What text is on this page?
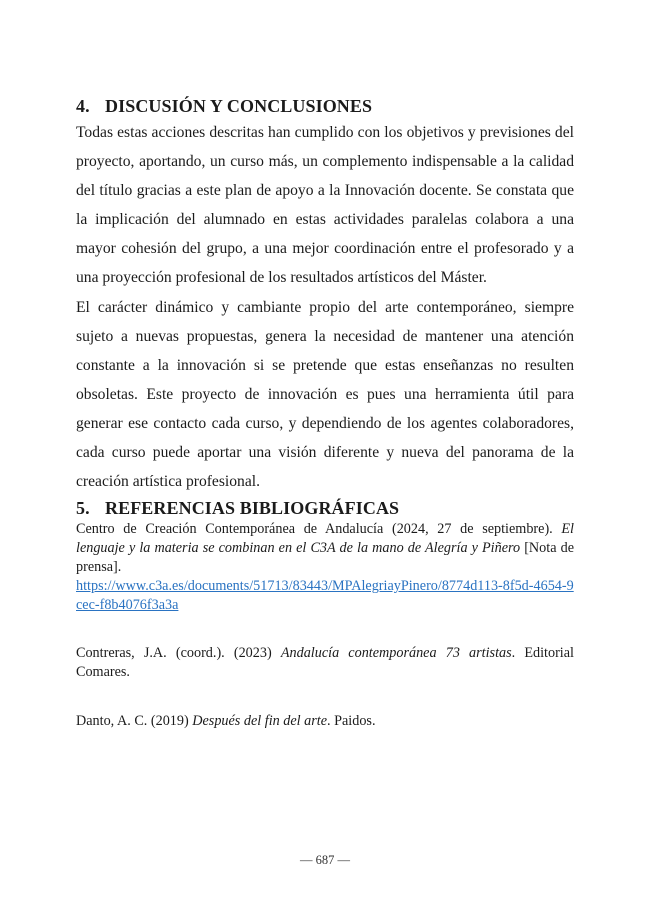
4. DISCUSIÓN Y CONCLUSIONES

Todas estas acciones descritas han cumplido con los objetivos y previsiones del proyecto, aportando, un curso más, un complemento indispensable a la calidad del título gracias a este plan de apoyo a la Innovación docente. Se constata que la implicación del alumnado en estas actividades paralelas colabora a una mayor cohesión del grupo, a una mejor coordinación entre el profesorado y a una proyección profesional de los resultados artísticos del Máster.

El carácter dinámico y cambiante propio del arte contemporáneo, siempre sujeto a nuevas propuestas, genera la necesidad de mantener una atención constante a la innovación si se pretende que estas enseñanzas no resulten obsoletas. Este proyecto de innovación es pues una herramienta útil para generar ese contacto cada curso, y dependiendo de los agentes colaboradores, cada curso puede aportar una visión diferente y nueva del panorama de la creación artística profesional.

5. REFERENCIAS BIBLIOGRÁFICAS

Centro de Creación Contemporánea de Andalucía (2024, 27 de septiembre). El lenguaje y la materia se combinan en el C3A de la mano de Alegría y Piñero [Nota de prensa].
https://www.c3a.es/documents/51713/83443/MPAlegriayPinero/8774d113-8f5d-4654-9cec-f8b4076f3a3a

Contreras, J.A. (coord.). (2023) Andalucía contemporánea 73 artistas. Editorial Comares.

Danto, A. C. (2019) Después del fin del arte. Paidos.

— 687 —
